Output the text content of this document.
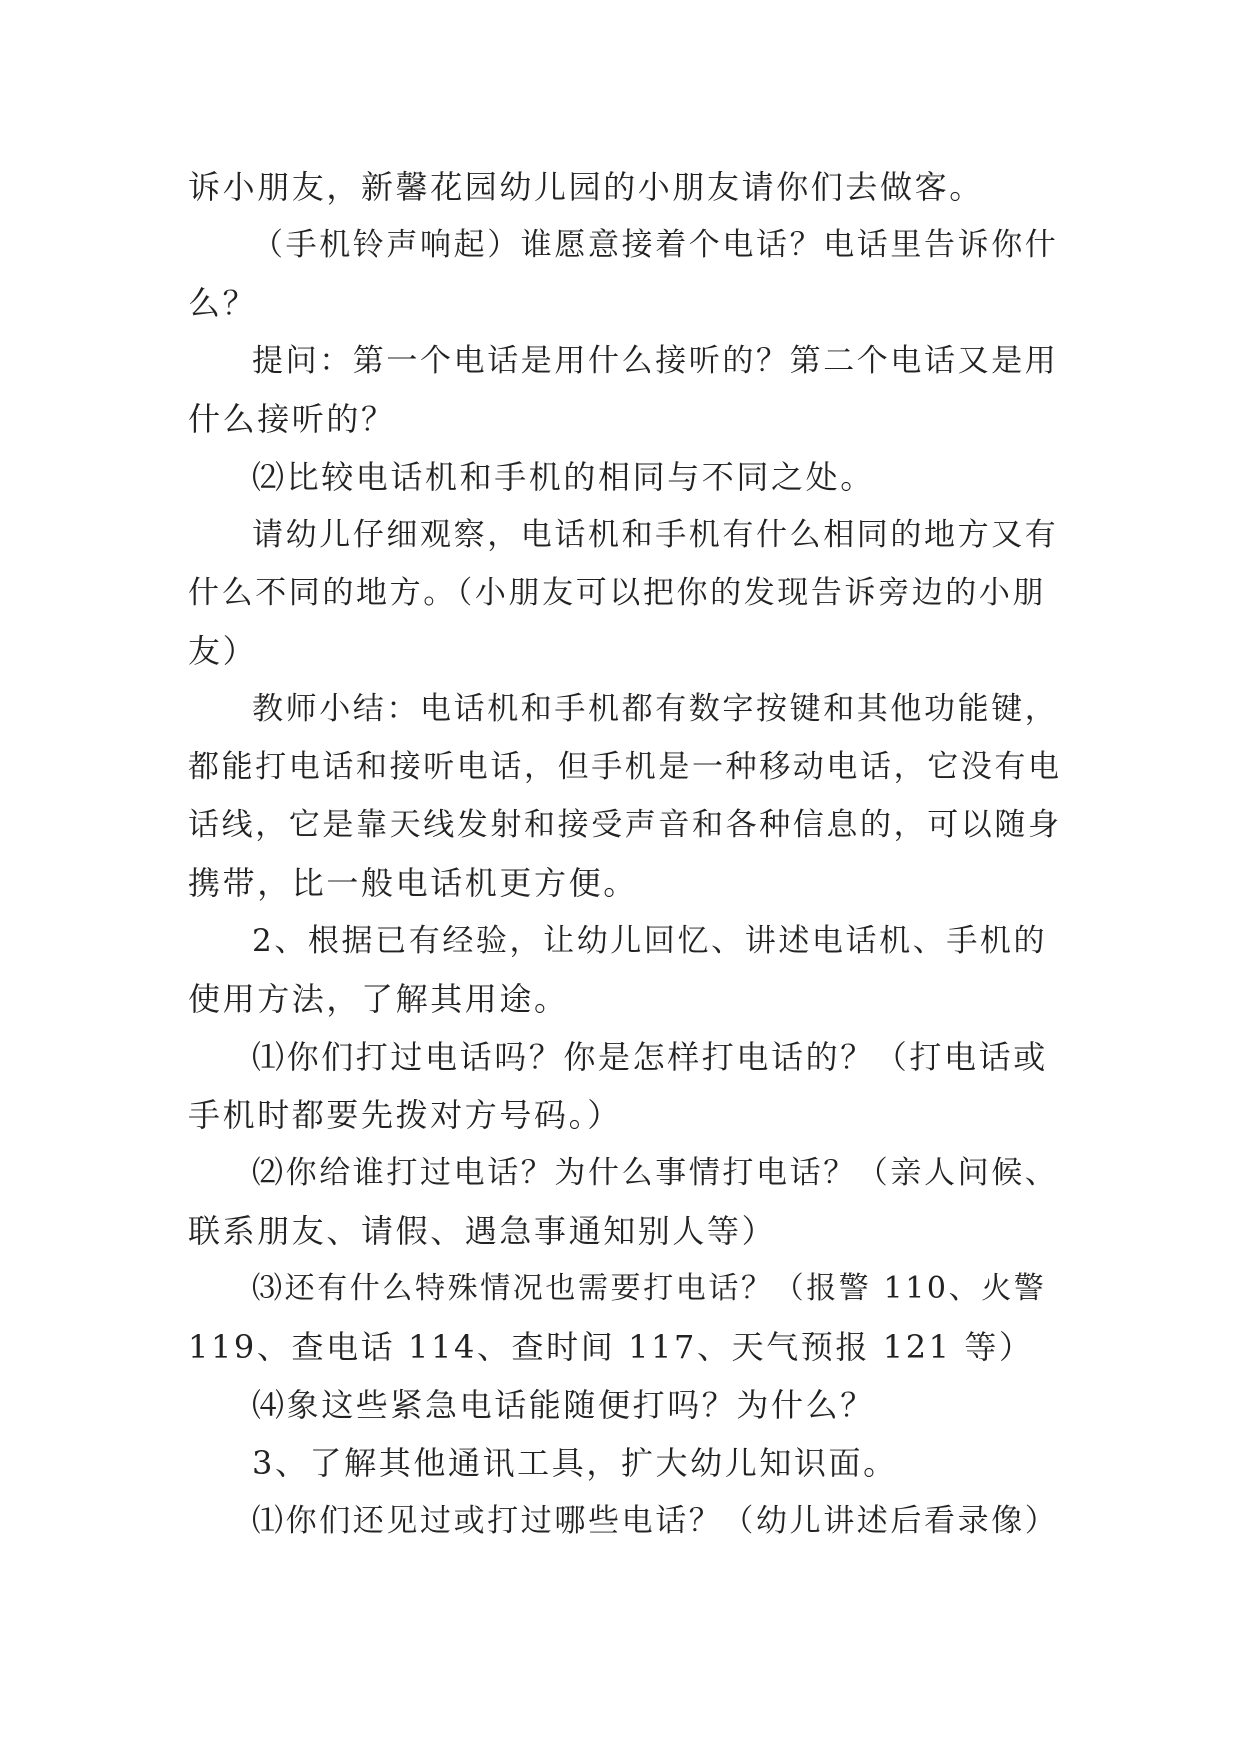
诉小朋友，新馨花园幼儿园的小朋友请你们去做客。
（手机铃声响起）谁愿意接着个电话？电话里告诉你什
么？
提问：第一个电话是用什么接听的？第二个电话又是用
什么接听的？
⑵比较电话机和手机的相同与不同之处。
请幼儿仔细观察，电话机和手机有什么相同的地方又有
什么不同的地方。（小朋友可以把你的发现告诉旁边的小朋
友）
教师小结：电话机和手机都有数字按键和其他功能键，
都能打电话和接听电话，但手机是一种移动电话，它没有电
话线，它是靠天线发射和接受声音和各种信息的，可以随身
携带，比一般电话机更方便。
2、根据已有经验，让幼儿回忆、讲述电话机、手机的
使用方法，了解其用途。
⑴你们打过电话吗？你是怎样打电话的？（打电话或
手机时都要先拨对方号码。）
⑵你给谁打过电话？为什么事情打电话？（亲人问候、
联系朋友、请假、遇急事通知别人等）
⑶还有什么特殊情况也需要打电话？（报警 110、火警
119、查电话 114、查时间 117、天气预报 121 等）
⑷象这些紧急电话能随便打吗？为什么？
3、了解其他通讯工具，扩大幼儿知识面。
⑴你们还见过或打过哪些电话？（幼儿讲述后看录像）
